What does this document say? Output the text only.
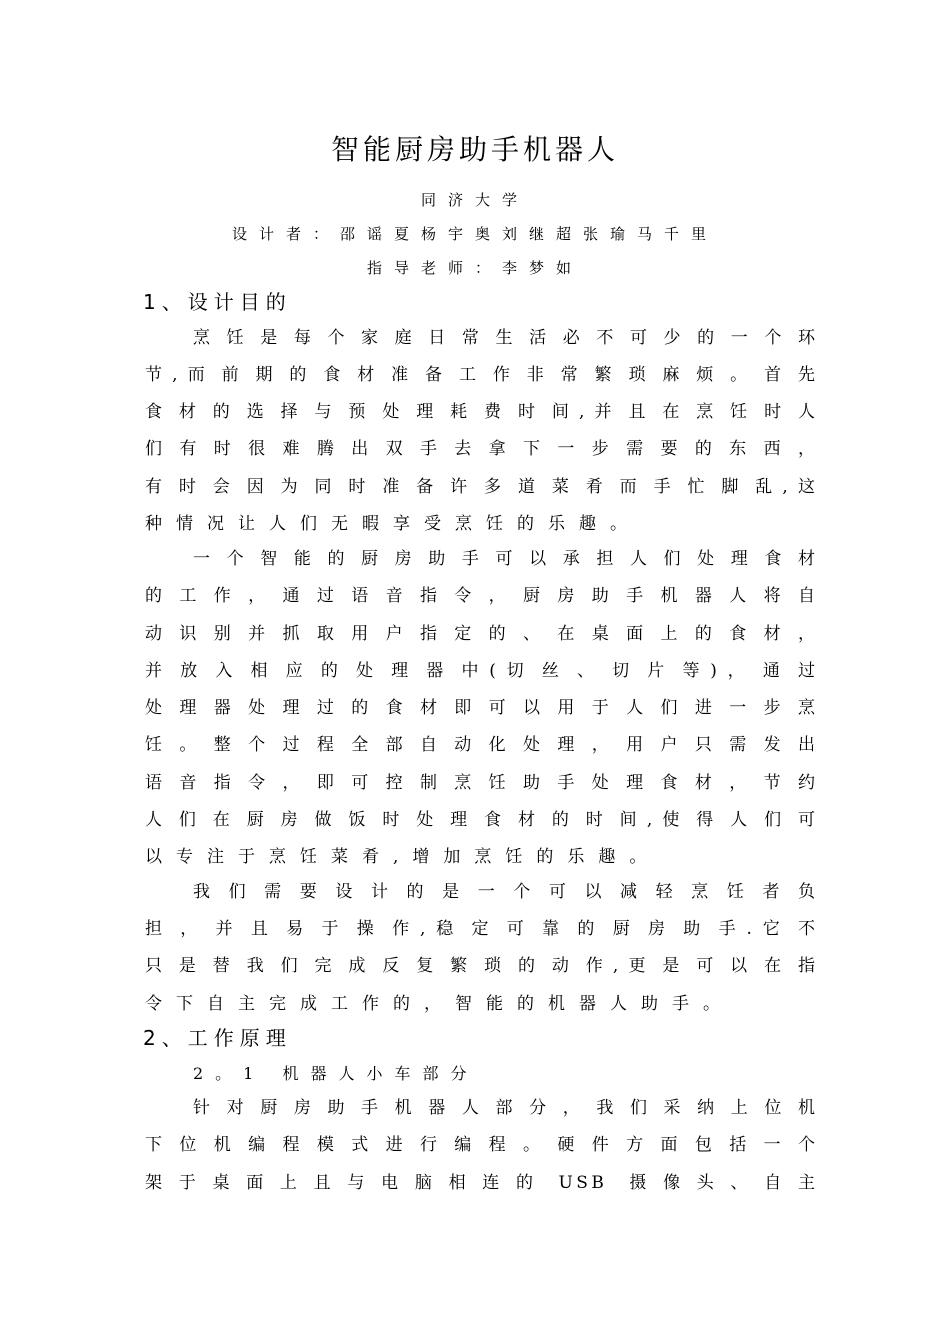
智能厨房助手机器人

同济大学

设计者：邵谣夏杨宇奥刘继超张瑜马千里

指导老师：李梦如

1、设计目的

烹 饪 是 每 个 家 庭 日 常 生 活 必 不 可 少 的 一 个 环

节 , 而 前 期 的 食 材 准 备 工 作 非 常 繁 琐 麻 烦 。 首 先

食 材 的 选 择 与 预 处 理 耗 费 时 间 , 并 且 在 烹 饪 时 人

们 有 时 很 难 腾 出 双 手 去 拿 下 一 步 需 要 的 东 西 ，

有 时 会 因 为 同 时 准 备 许 多 道 菜 肴 而 手 忙 脚 乱 , 这

种情况让人们无暇享受烹饪的乐趣。

一 个 智 能 的 厨 房 助 手 可 以 承 担 人 们 处 理 食 材

的 工 作 ， 通 过 语 音 指 令 ， 厨 房 助 手 机 器 人 将 自

动 识 别 并 抓 取 用 户 指 定 的 、 在 桌 面 上 的 食 材 ，

并 放 入 相 应 的 处 理 器 中 ( 切 丝 、 切 片 等 ) ， 通 过

处 理 器 处 理 过 的 食 材 即 可 以 用 于 人 们 进 一 步 烹

饪 。 整 个 过 程 全 部 自 动 化 处 理 ， 用 户 只 需 发 出

语 音 指 令 ， 即 可 控 制 烹 饪 助 手 处 理 食 材 ， 节 约

人 们 在 厨 房 做 饭 时 处 理 食 材 的 时 间 , 使 得 人 们 可

以专注于烹饪菜肴,增加烹饪的乐趣。

我 们 需 要 设 计 的 是 一 个 可 以 减 轻 烹 饪 者 负

担 ， 并 且 易 于 操 作 , 稳 定 可 靠 的 厨 房 助 手 . 它 不

只 是 替 我 们 完 成 反 复 繁 琐 的 动 作 , 更 是 可 以 在 指

令下自主完成工作的，智能的机器人助手。

2、工作原理

2。1 机器人小车部分

针 对 厨 房 助 手 机 器 人 部 分 ， 我 们 采 纳 上 位 机

下 位 机 编 程 模 式 进 行 编 程 。 硬 件 方 面 包 括 一 个

架 于 桌 面 上 且 与 电 脑 相 连 的   U S B   摄 像 头 、 自 主
